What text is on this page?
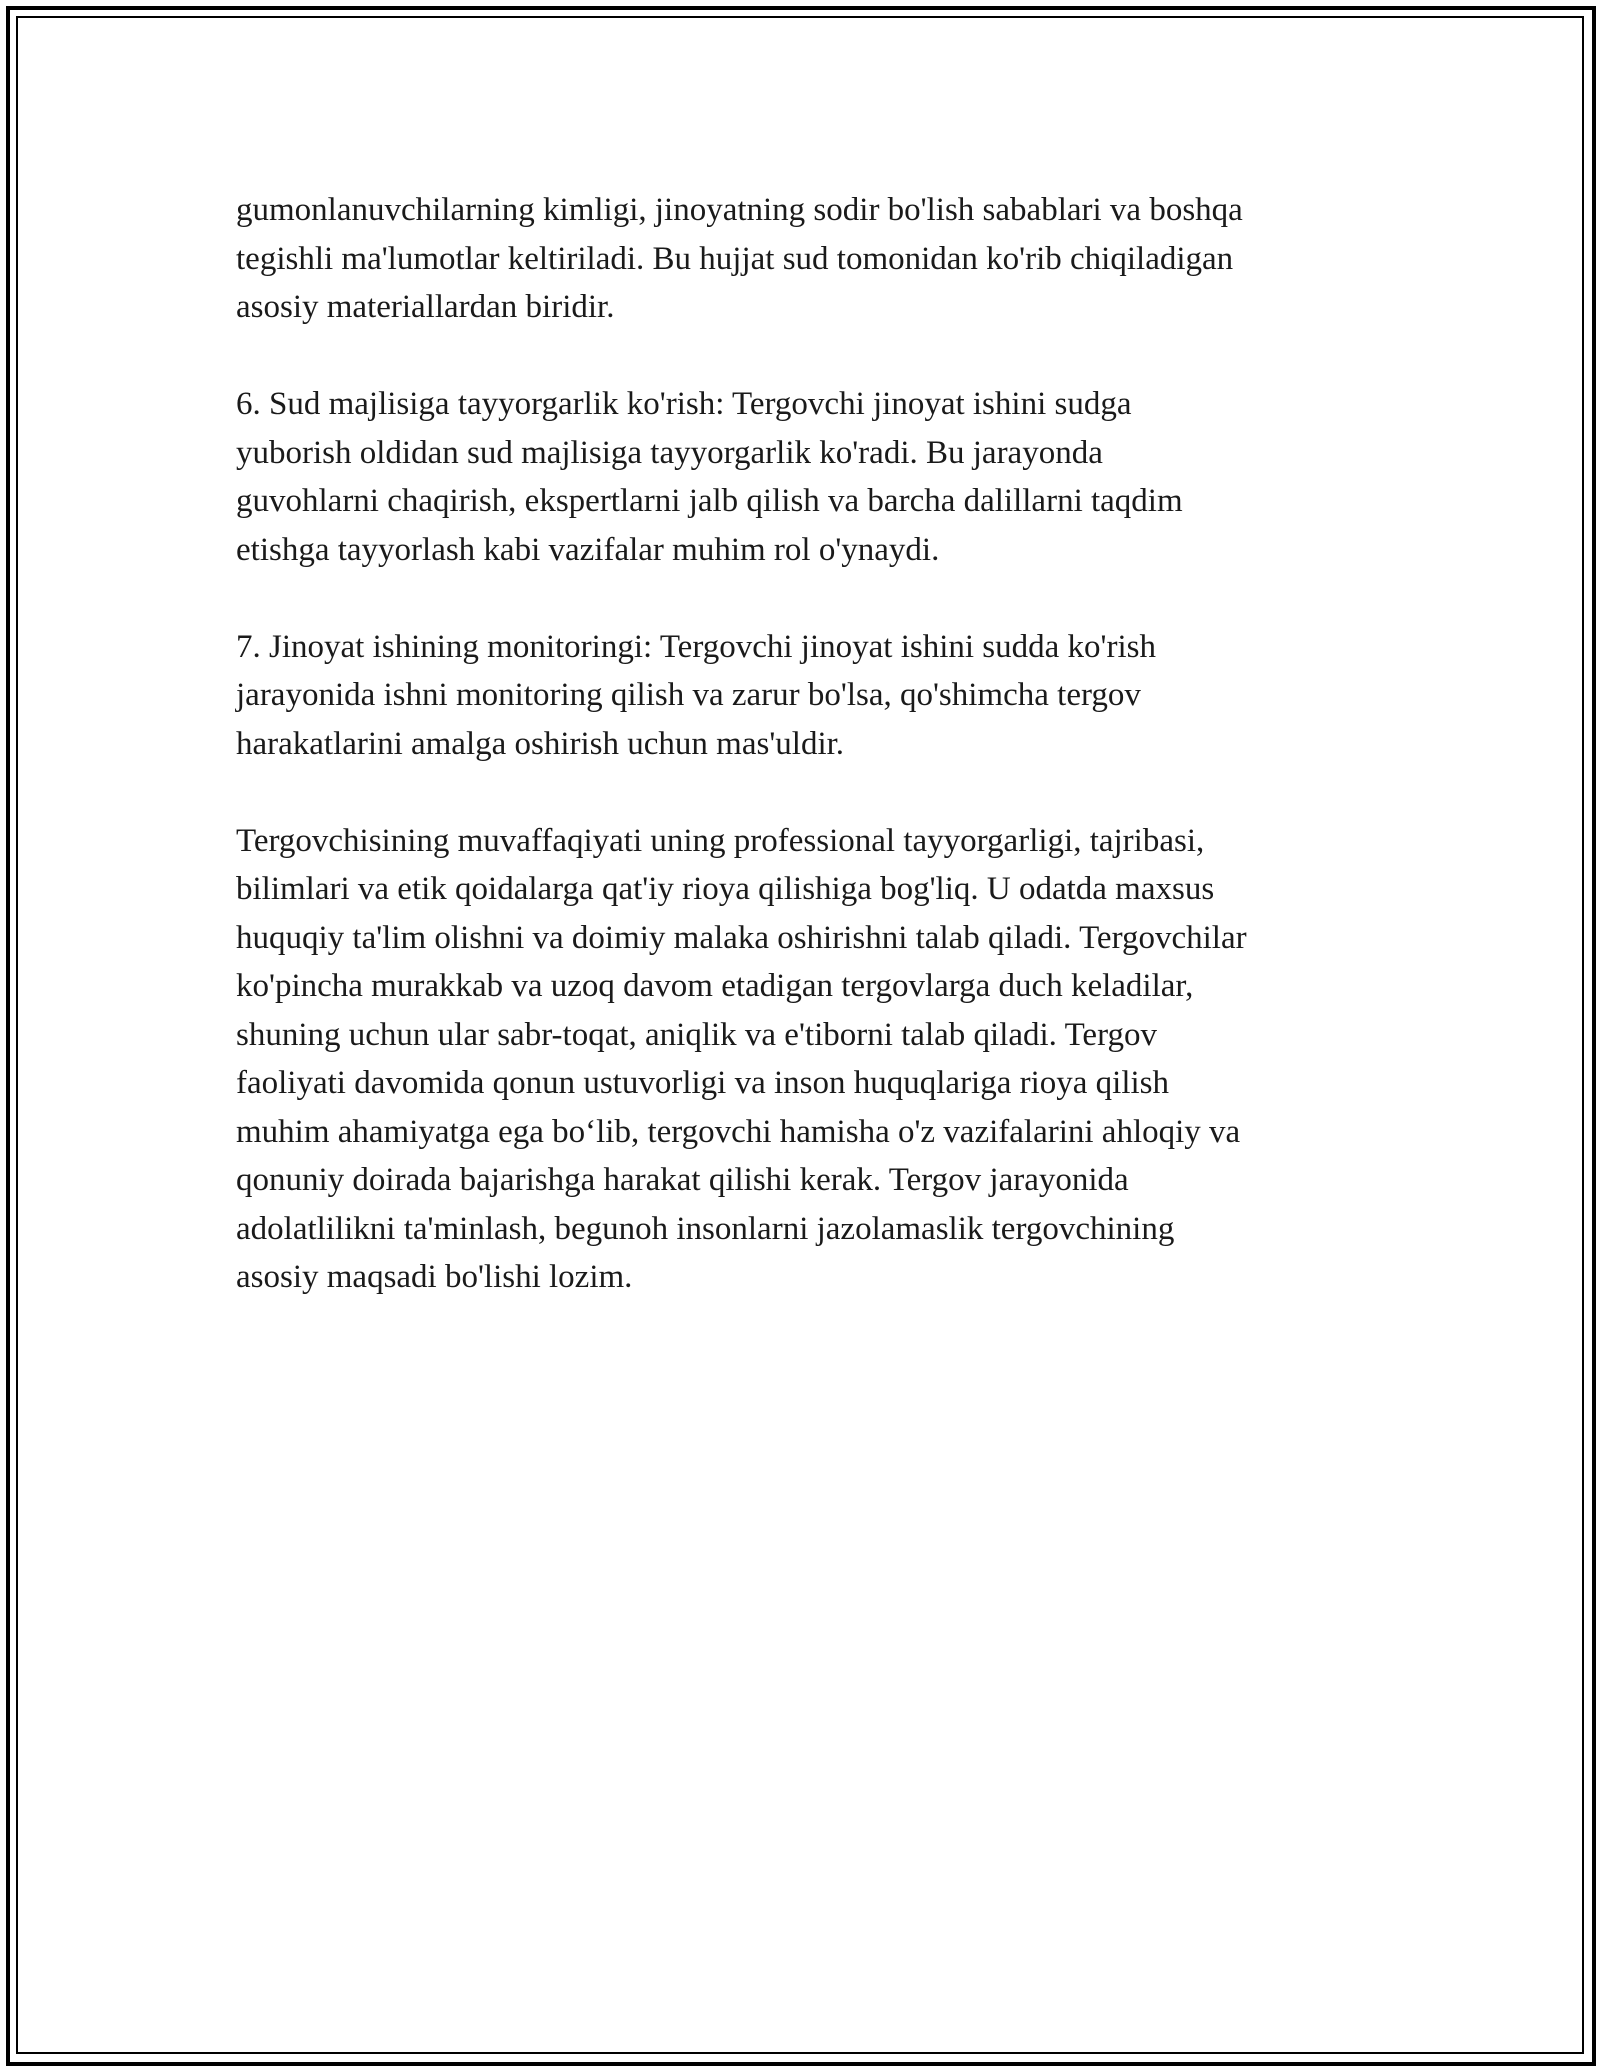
gumonlanuvchilarning kimligi, jinoyatning sodir bo'lish sabablari va boshqa
tegishli ma'lumotlar keltiriladi. Bu hujjat sud tomonidan ko'rib chiqiladigan
asosiy materiallardan biridir.

6. Sud majlisiga tayyorgarlik ko'rish: Tergovchi jinoyat ishini sudga
yuborish oldidan sud majlisiga tayyorgarlik ko'radi. Bu jarayonda
guvohlarni chaqirish, ekspertlarni jalb qilish va barcha dalillarni taqdim
etishga tayyorlash kabi vazifalar muhim rol o'ynaydi.

7. Jinoyat ishining monitoringi: Tergovchi jinoyat ishini sudda ko'rish
jarayonida ishni monitoring qilish va zarur bo'lsa, qo'shimcha tergov
harakatlarini amalga oshirish uchun mas'uldir.

Tergovchisining muvaffaqiyati uning professional tayyorgarligi, tajribasi,
bilimlari va etik qoidalarga qat'iy rioya qilishiga bog'liq. U odatda maxsus
huquqiy ta'lim olishni va doimiy malaka oshirishni talab qiladi. Tergovchilar
ko'pincha murakkab va uzoq davom etadigan tergovlarga duch keladilar,
shuning uchun ular sabr-toqat, aniqlik va e'tiborni talab qiladi. Tergov
faoliyati davomida qonun ustuvorligi va inson huquqlariga rioya qilish
muhim ahamiyatga ega bo‘lib, tergovchi hamisha o'z vazifalarini ahloqiy va
qonuniy doirada bajarishga harakat qilishi kerak. Tergov jarayonida
adolatlilikni ta'minlash, begunoh insonlarni jazolamaslik tergovchining
asosiy maqsadi bo'lishi lozim.
